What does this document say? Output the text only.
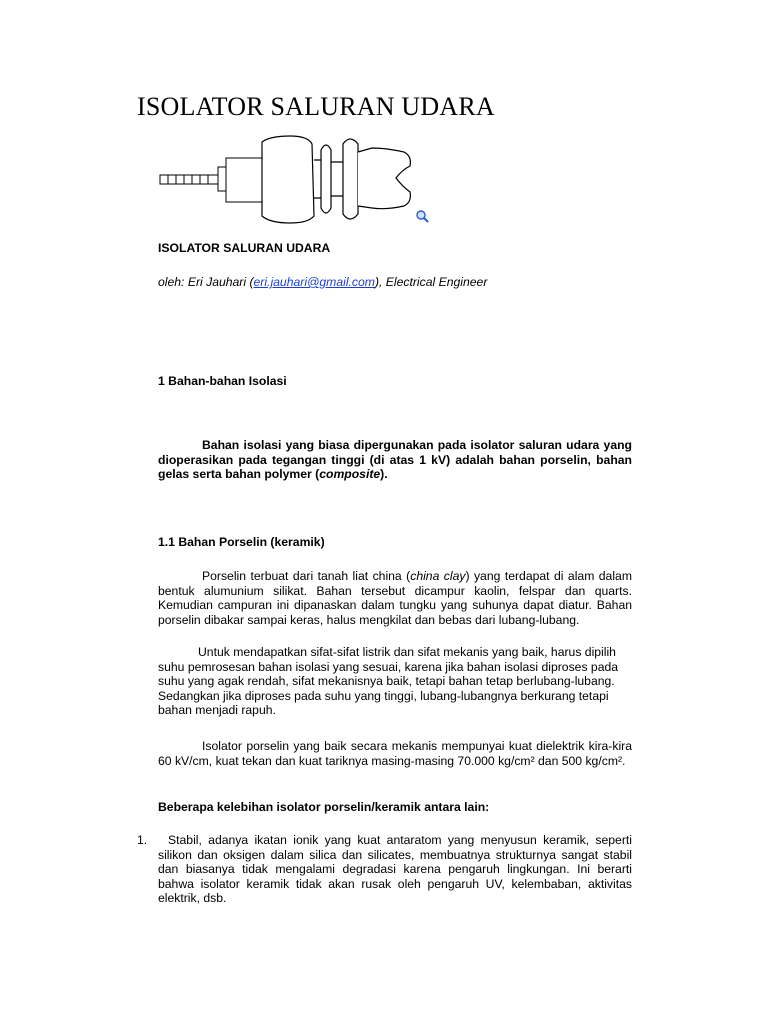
ISOLATOR SALURAN UDARA
ISOLATOR SALURAN UDARA
oleh: Eri Jauhari (eri.jauhari@gmail.com), Electrical Engineer
1 Bahan-bahan Isolasi
Bahan isolasi yang biasa dipergunakan pada isolator saluran udara yang dioperasikan pada tegangan tinggi (di atas 1 kV) adalah bahan porselin, bahan gelas serta bahan polymer (composite).
1.1 Bahan Porselin (keramik)
Porselin terbuat dari tanah liat china (china clay) yang terdapat di alam dalam bentuk alumunium silikat. Bahan tersebut dicampur kaolin, felspar dan quarts. Kemudian campuran ini dipanaskan dalam tungku yang suhunya dapat diatur. Bahan porselin dibakar sampai keras, halus mengkilat dan bebas dari lubang-lubang.
Untuk mendapatkan sifat-sifat listrik dan sifat mekanis yang baik, harus dipilih suhu pemrosesan bahan isolasi yang sesuai, karena jika bahan isolasi diproses pada suhu yang agak rendah, sifat mekanisnya baik, tetapi bahan tetap berlubang-lubang. Sedangkan jika diproses pada suhu yang tinggi, lubang-lubangnya berkurang tetapi bahan menjadi rapuh.
Isolator porselin yang baik secara mekanis mempunyai kuat dielektrik kira-kira 60 kV/cm, kuat tekan dan kuat tariknya masing-masing 70.000 kg/cm² dan 500 kg/cm².
Beberapa kelebihan isolator porselin/keramik antara lain:
1.	Stabil, adanya ikatan ionik yang kuat antaratom yang menyusun keramik, seperti silikon dan oksigen dalam silica dan silicates, membuatnya strukturnya sangat stabil dan biasanya tidak mengalami degradasi karena pengaruh lingkungan. Ini berarti bahwa isolator keramik tidak akan rusak oleh pengaruh UV, kelembaban, aktivitas elektrik, dsb.
